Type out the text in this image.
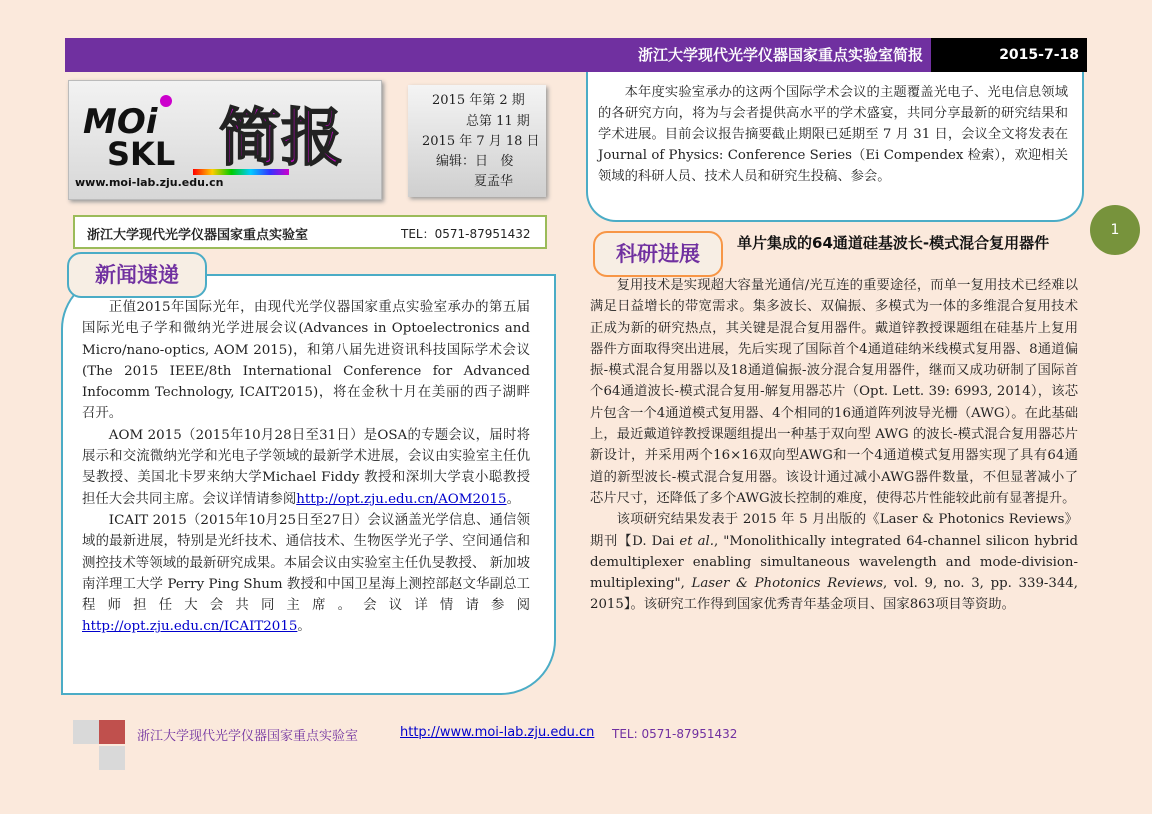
浙江大学现代光学仪器国家重点实验室简报	2015-7-18
MOi
SKL 简报
www.moi-lab.zju.edu.cn
2015 年第 2 期
总第 11 期
2015 年 7 月 18 日
编辑：日   俊
夏孟华
浙江大学现代光学仪器国家重点实验室	TEL：0571-87951432
新闻速递

正值2015年国际光年，由现代光学仪器国家重点实验室承办的第五届国际光电子学和微纳光学进展会议(Advances in Optoelectronics and Micro/nano-optics, AOM 2015)，和第八届先进资讯科技国际学术会议 (The 2015 IEEE/8th International Conference for Advanced Infocomm Technology, ICAIT2015)，将在金秋十月在美丽的西子湖畔召开。

AOM 2015（2015年10月28日至31日）是OSA的专题会议，届时将展示和交流微纳光学和光电子学领域的最新学术进展，会议由实验室主任仇旻教授、美国北卡罗来纳大学Michael Fiddy 教授和深圳大学袁小聪教授担任大会共同主席。会议详情请参阅http://opt.zju.edu.cn/AOM2015。

ICAIT 2015（2015年10月25日至27日）会议涵盖光学信息、通信领域的最新进展，特别是光纤技术、通信技术、生物医学光子学、空间通信和测控技术等领域的最新研究成果。本届会议由实验室主任仇旻教授、 新加坡南洋理工大学 Perry Ping Shum 教授和中国卫星海上测控部赵文华副总工程师担任大会共同主席。会议详情请参阅http://opt.zju.edu.cn/ICAIT2015。

本年度实验室承办的这两个国际学术会议的主题覆盖光电子、光电信息领域的各研究方向，将为与会者提供高水平的学术盛宴，共同分享最新的研究结果和学术进展。目前会议报告摘要截止期限已延期至 7 月 31 日，会议全文将发表在 Journal of Physics: Conference Series（Ei Compendex 检索），欢迎相关领域的科研人员、技术人员和研究生投稿、参会。
1
科研进展	单片集成的64通道硅基波长-模式混合复用器件

复用技术是实现超大容量光通信/光互连的重要途径，而单一复用技术已经难以满足日益增长的带宽需求。集多波长、双偏振、多模式为一体的多维混合复用技术正成为新的研究热点，其关键是混合复用器件。戴道锌教授课题组在硅基片上复用器件方面取得突出进展，先后实现了国际首个4通道硅纳米线模式复用器、8通道偏振-模式混合复用器以及18通道偏振-波分混合复用器件，继而又成功研制了国际首个64通道波长-模式混合复用-解复用器芯片（Opt. Lett. 39: 6993, 2014），该芯片包含一个4通道模式复用器、4个相同的16通道阵列波导光栅（AWG）。在此基础上，最近戴道锌教授课题组提出一种基于双向型 AWG 的波长-模式混合复用器芯片新设计，并采用两个16×16双向型AWG和一个4通道模式复用器实现了具有64通道的新型波长-模式混合复用器。该设计通过减小AWG器件数量，不但显著减小了芯片尺寸，还降低了多个AWG波长控制的难度，使得芯片性能较此前有显著提升。

该项研究结果发表于 2015 年 5 月出版的《Laser & Photonics Reviews》期刊【D. Dai et al., "Monolithically integrated 64-channel silicon hybrid demultiplexer enabling simultaneous wavelength and mode-division-multiplexing", Laser & Photonics Reviews, vol. 9, no. 3, pp. 339-344, 2015】。该研究工作得到国家优秀青年基金项目、国家863项目等资助。

浙江大学现代光学仪器国家重点实验室	http://www.moi-lab.zju.edu.cn TEL: 0571-87951432
